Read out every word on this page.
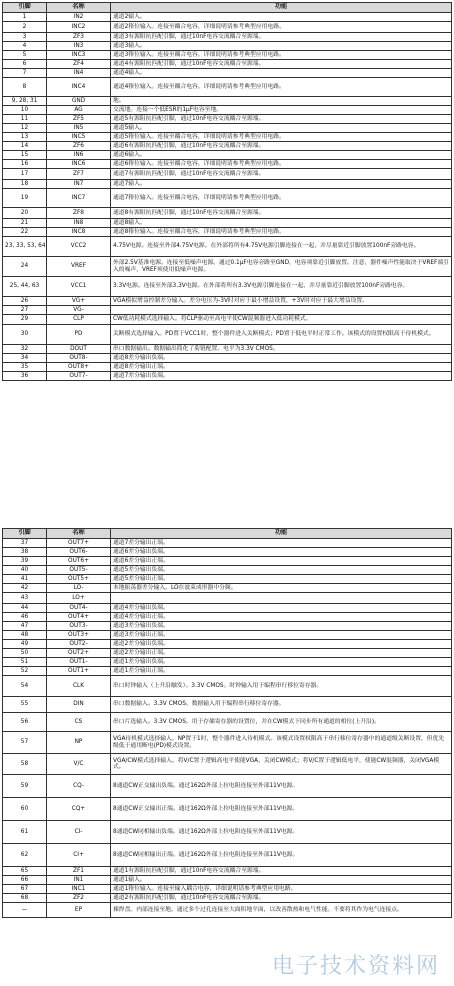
引脚	名称	功能
1	IN2	通道2输入。
2	INC2	通道2箝位输入。连接至耦合电容，详细说明请参考典型应用电路。
3	ZF3	通道3有源阻抗匹配引脚，通过10nF电容交流耦合至源端。
4	IN3	通道3输入。
5	INC3	通道3箝位输入。连接至耦合电容，详细说明请参考典型应用电路。
6	ZF4	通道4有源阻抗匹配引脚，通过10nF电容交流耦合至源端。
7	IN4	通道4输入。
8	INC4	通道4箝位输入。连接至耦合电容，详细说明请参考典型应用电路。
9, 28, 31	GND	地。
10	AG	交流地。连接一个低ESR的1μF电容至地。
11	ZF5	通道5有源阻抗匹配引脚，通过10nF电容交流耦合至源端。
12	IN5	通道5输入。
13	INC5	通道5箝位输入。连接至耦合电容，详细说明请参考典型应用电路。
14	ZF6	通道6有源阻抗匹配引脚，通过10nF电容交流耦合至源端。
15	IN6	通道6输入。
16	INC6	通道6箝位输入。连接至耦合电容，详细说明请参考典型应用电路。
17	ZF7	通道7有源阻抗匹配引脚，通过10nF电容交流耦合至源端。
18	IN7	通道7输入。
19	INC7	通道7箝位输入。连接至耦合电容，详细说明请参考典型应用电路。
20	ZF8	通道8有源阻抗匹配引脚，通过10nF电容交流耦合至源端。
21	IN8	通道8输入。
22	INC8	通道8箝位输入。连接至耦合电容，详细说明请参考典型应用电路。
23, 33, 53, 64	VCC2	4.75V电源。连接至外部4.75V电源。在外部将所有4.75V电源引脚连接在一起，并尽量靠近引脚放置100nF旁路电容。
24	VREF	外部2.5V基准电源。连接至低噪声电源。通过0.1μF电容旁路至GND，电容须靠近引脚放置。注意，器件噪声性能取决于VREF端引入的噪声，VREF须使用低噪声电源。
25, 44, 63	VCC1	3.3V电源。连接至外部3.3V电源。在外部将所有3.3V电源引脚连接在一起，并尽量靠近引脚放置100nF旁路电容。
26	VG+	VGA模拟增益控制差分输入。差分电压为-3V时对应于最小增益设置，+3V时对应于最大增益设置。
27	VG-	
29	CLP	CW低功耗模式选择输入。将CLP驱动至高电平使CW混频器进入低功耗模式。
30	PD	关断模式选择输入。PD置于VCC1时，整个器件进入关断模式；PD置于低电平时正常工作。该模式的设置权限高于待机模式。
32	DOUT	串口数据输出。数据输出简化了菊链配置。电平为3.3V CMOS。
34	OUT8-	通道8差分输出负端。
35	OUT8+	通道8差分输出正端。
36	OUT7-	通道7差分输出负端。
引脚	名称	功能
37	OUT7+	通道7差分输出正端。
38	OUT6-	通道6差分输出负端。
39	OUT6+	通道6差分输出正端。
40	OUT5-	通道5差分输出负端。
41	OUT5+	通道5差分输出正端。
42	LO-	本地振荡器差分输入。LO在波束成形器中分频。
43	LO+	
44	OUT4-	通道4差分输出负端。
46	OUT4+	通道4差分输出正端。
47	OUT3-	通道3差分输出负端。
48	OUT3+	通道3差分输出正端。
49	OUT2-	通道2差分输出负端。
50	OUT2+	通道2差分输出正端。
51	OUT1-	通道1差分输出负端。
52	OUT1+	通道1差分输出正端。
54	CLK	串口时钟输入（上升沿触发）。3.3V CMOS。时钟输入用于编程串行移位寄存器。
55	DIN	串口数据输入。3.3V CMOS。数据输入用于编程串行移位寄存器。
56	CS	串口片选输入。3.3V CMOS。用于存储寄存器的设置位，并在CW模式下同步所有通道的相位(上升沿)。
57	NP	VGA待机模式选择输入。NP置于1时，整个器件进入待机模式。该模式设置权限高于串行移位寄存器中的通道级关断设置，但优先级低于通用断电(PD)模式设置。
58	V/C	VGA/CW模式选择输入。将V/C置于逻辑高电平使能VGA，关闭CW模式；将V/C置于逻辑低电平，使能CW混频器，关闭VGA模式。
59	CQ-	8通道CW正交输出负端。通过162Ω外部上拉电阻连接至外部11V电源。
60	CQ+	8通道CW正交输出正端。通过162Ω外部上拉电阻连接至外部11V电源。
61	CI-	8通道CW同相输出负端。通过162Ω外部上拉电阻连接至外部11V电源。
62	CI+	8通道CW同相输出正端。通过162Ω外部上拉电阻连接至外部11V电源。
65	ZF1	通道1有源阻抗匹配引脚，通过10nF电容交流耦合至源端。
66	IN1	通道1输入。
67	INC1	通道1箝位输入。连接至输入耦合电容，详细说明请参考典型应用电路。
68	ZF2	通道2有源阻抗匹配引脚，通过10nF电容交流耦合至源端。
—	EP	裸焊盘。内部连接至地。通过多个过孔连接至大面积地平面，以改善散热和电气性能。不要将其作为电气连接点。
电子技术资料网
